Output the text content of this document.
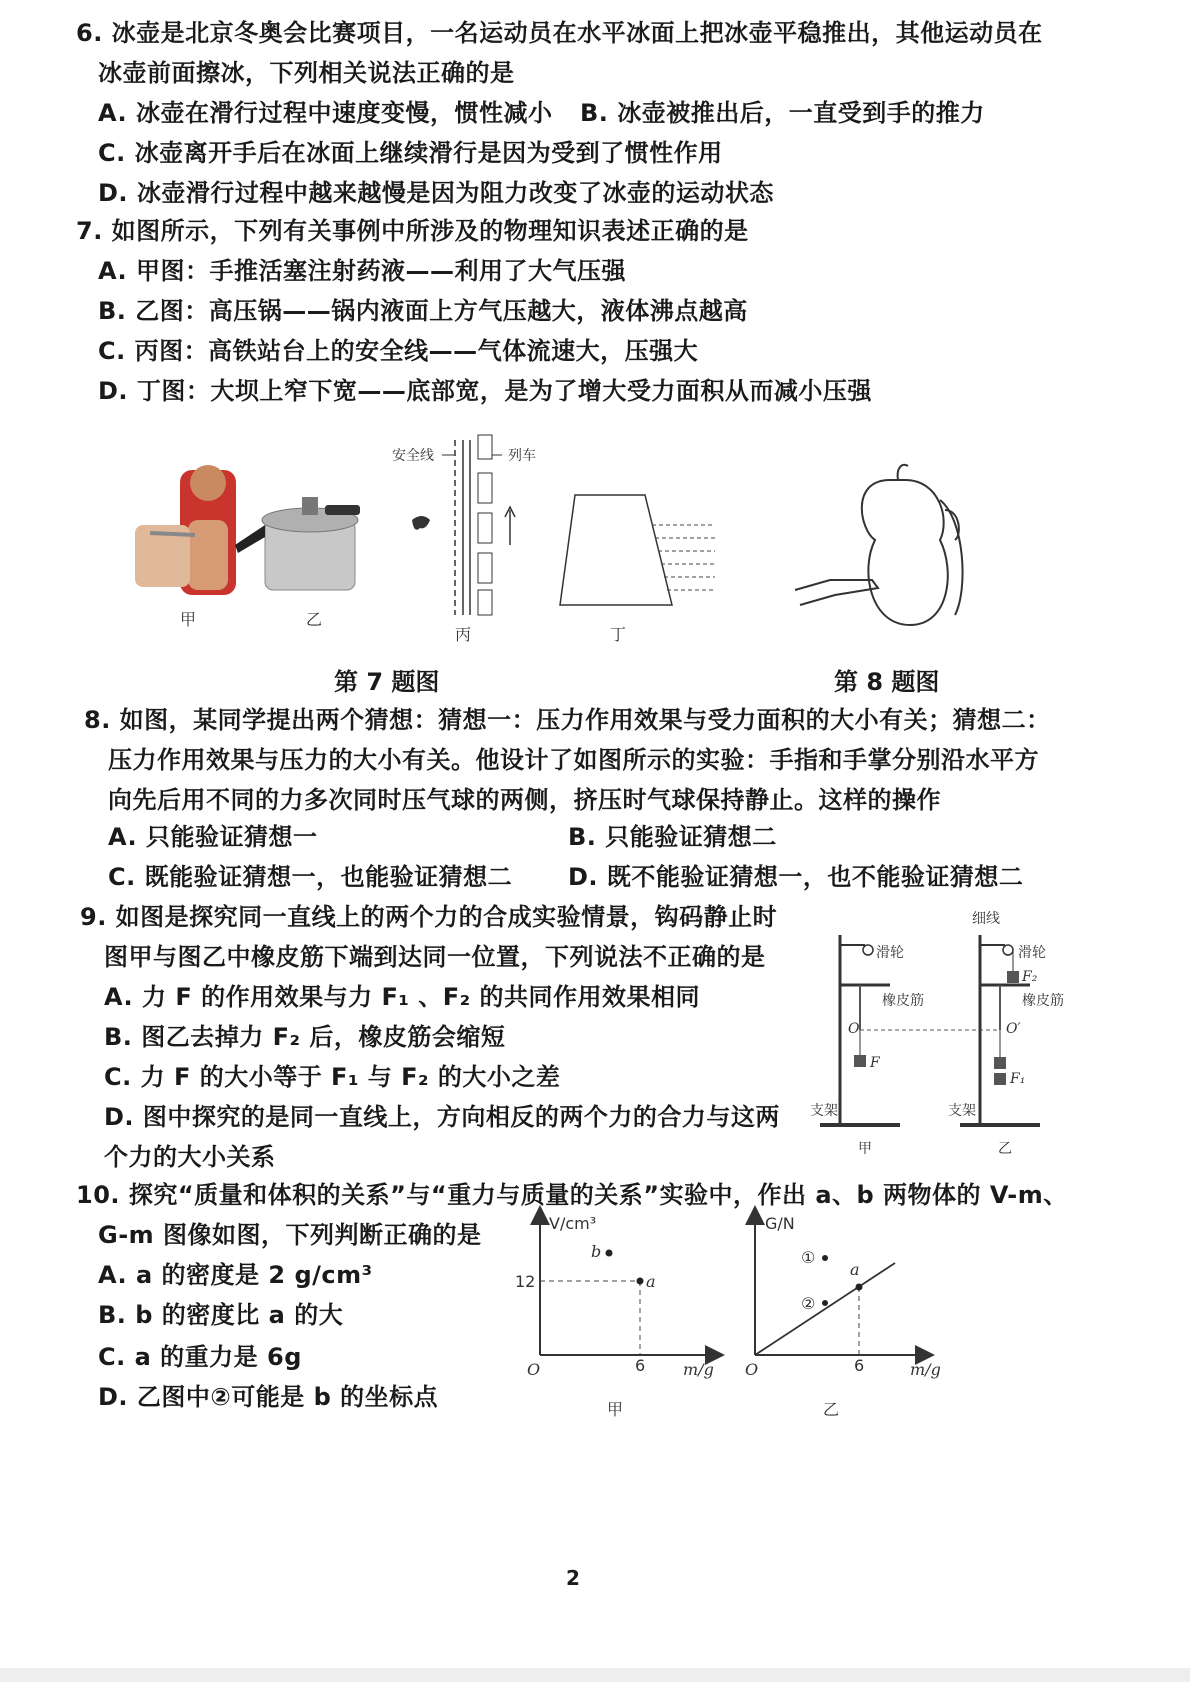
6. 冰壶是北京冬奥会比赛项目，一名运动员在水平冰面上把冰壶平稳推出，其他运动员在
冰壶前面擦冰，下列相关说法正确的是
A. 冰壶在滑行过程中速度变慢，惯性减小 B. 冰壶被推出后，一直受到手的推力
C. 冰壶离开手后在冰面上继续滑行是因为受到了惯性作用
D. 冰壶滑行过程中越来越慢是因为阻力改变了冰壶的运动状态
7. 如图所示，下列有关事例中所涉及的物理知识表述正确的是
A. 甲图：手推活塞注射药液——利用了大气压强
B. 乙图：高压锅——锅内液面上方气压越大，液体沸点越高
C. 丙图：高铁站台上的安全线——气体流速大，压强大
D. 丁图：大坝上窄下宽——底部宽，是为了增大受力面积从而减小压强
甲	乙
安全线	列车
丙	丁
第 7 题图	第 8 题图
8. 如图，某同学提出两个猜想：猜想一：压力作用效果与受力面积的大小有关；猜想二：
压力作用效果与压力的大小有关。他设计了如图所示的实验：手指和手掌分别沿水平方
向先后用不同的力多次同时压气球的两侧，挤压时气球保持静止。这样的操作
A. 只能验证猜想一	B. 只能验证猜想二
C. 既能验证猜想一，也能验证猜想二 D. 既不能验证猜想一，也不能验证猜想二
9. 如图是探究同一直线上的两个力的合成实验情景，钩码静止时
图甲与图乙中橡皮筋下端到达同一位置，下列说法不正确的是
A. 力 F 的作用效果与力 F₁ 、F₂ 的共同作用效果相同
B. 图乙去掉力 F₂ 后，橡皮筋会缩短
C. 力 F 的大小等于 F₁ 与 F₂ 的大小之差
D. 图中探究的是同一直线上，方向相反的两个力的合力与这两
个力的大小关系
滑轮
橡皮筋
O
F
支架
甲
细线
滑轮
F₂
橡皮筋
O′
F₁
支架
乙
10. 探究“质量和体积的关系”与“重力与质量的关系”实验中，作出 a、b 两物体的 V-m、
G-m 图像如图，下列判断正确的是
A. a 的密度是 2 g/cm³
B. b 的密度比 a 的大
C. a 的重力是 6g
D. 乙图中②可能是 b 的坐标点
V/cm³
m/g
12
6
O
a
b
甲
G/N
m/g
6
O
a
①
②
乙
2
